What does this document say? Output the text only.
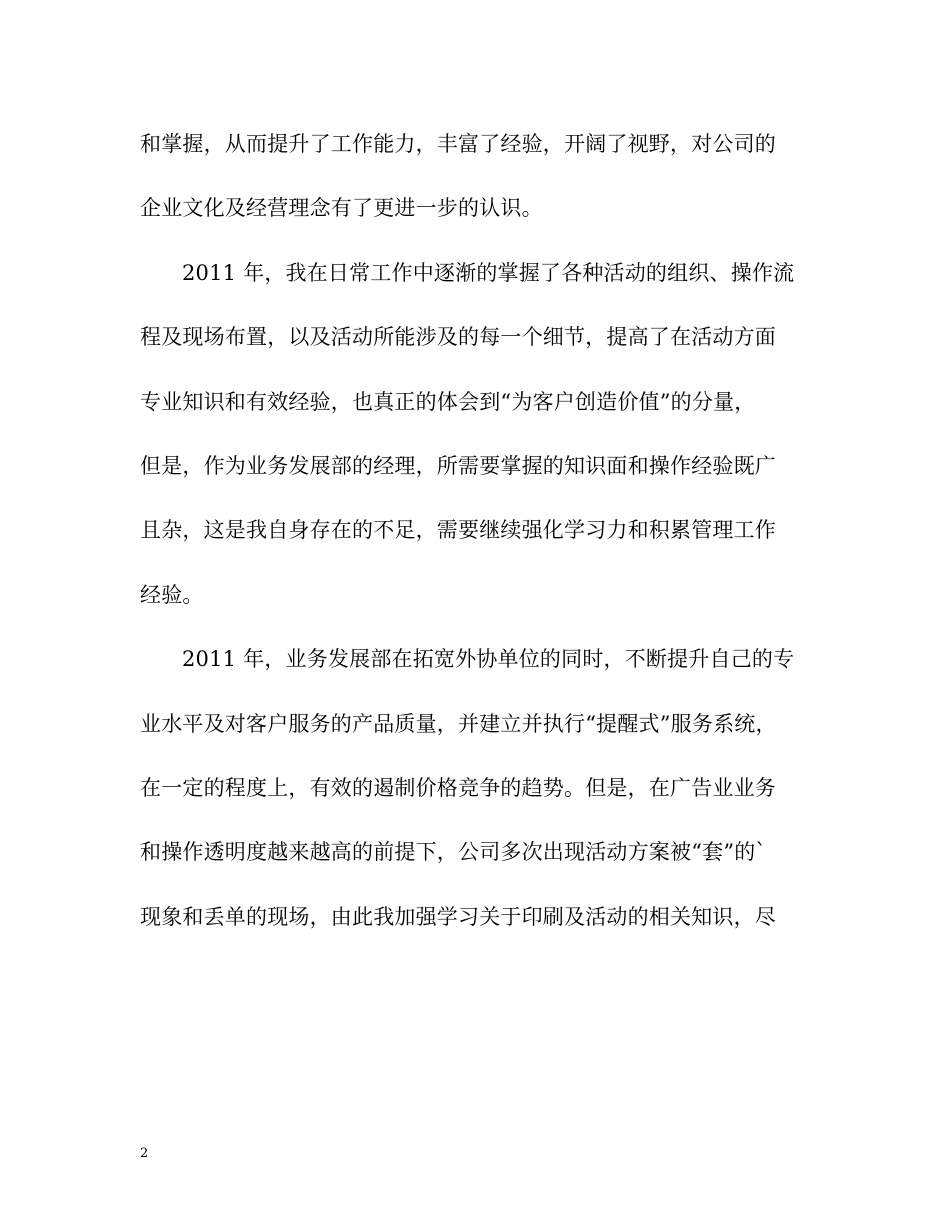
和掌握，从而提升了工作能力，丰富了经验，开阔了视野，对公司的
企业文化及经营理念有了更进一步的认识。
2011 年，我在日常工作中逐渐的掌握了各种活动的组织、操作流
程及现场布置，以及活动所能涉及的每一个细节，提高了在活动方面
专业知识和有效经验，也真正的体会到“为客户创造价值”的分量，
但是，作为业务发展部的经理，所需要掌握的知识面和操作经验既广
且杂，这是我自身存在的不足，需要继续强化学习力和积累管理工作
经验。
2011 年，业务发展部在拓宽外协单位的同时，不断提升自己的专
业水平及对客户服务的产品质量，并建立并执行“提醒式”服务系统，
在一定的程度上，有效的遏制价格竞争的趋势。但是，在广告业业务
和操作透明度越来越高的前提下，公司多次出现活动方案被“套”的`
现象和丢单的现场，由此我加强学习关于印刷及活动的相关知识，尽
2
